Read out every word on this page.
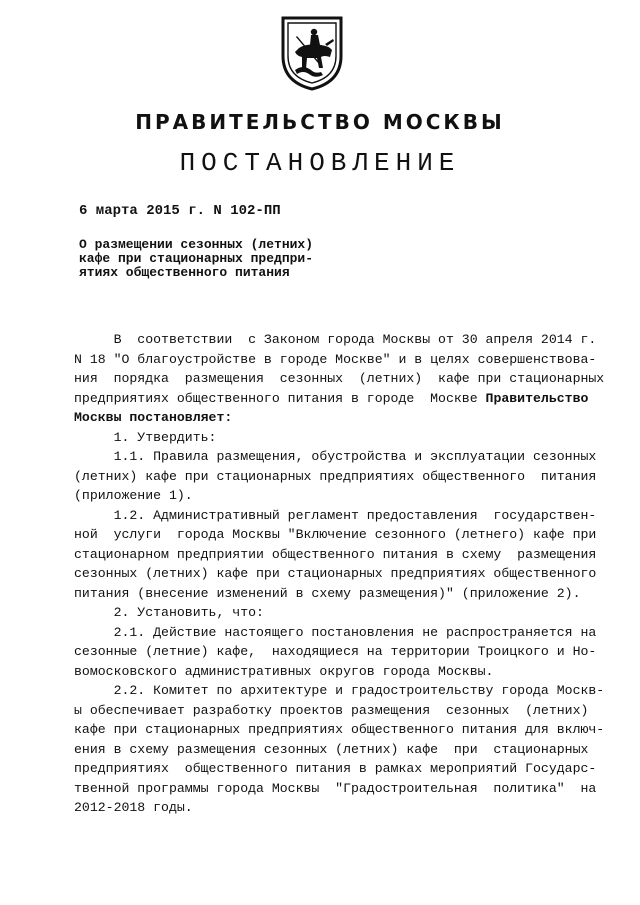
ПРАВИТЕЛЬСТВО МОСКВЫ
ПОСТАНОВЛЕНИЕ
6 марта 2015 г. N 102-ПП
О размещении сезонных (летних)
кафе при стационарных предпри-
ятиях общественного питания
В  соответствии  с Законом города Москвы от 30 апреля 2014 г.
N 18 "О благоустройстве в городе Москве" и в целях совершенствова-
ния  порядка  размещения  сезонных  (летних)  кафе при стационарных
предприятиях общественного питания в городе  Москве Правительство
Москвы постановляет:
1. Утвердить:
1.1. Правила размещения, обустройства и эксплуатации сезонных
(летних) кафе при стационарных предприятиях общественного  питания
(приложение 1).
1.2. Административный регламент предоставления  государствен-
ной  услуги  города Москвы "Включение сезонного (летнего) кафе при
стационарном предприятии общественного питания в схему  размещения
сезонных (летних) кафе при стационарных предприятиях общественного
питания (внесение изменений в схему размещения)" (приложение 2).
2. Установить, что:
2.1. Действие настоящего постановления не распространяется на
сезонные (летние) кафе,  находящиеся на территории Троицкого и Но-
вомосковского административных округов города Москвы.
2.2. Комитет по архитектуре и градостроительству города Москв-
ы обеспечивает разработку проектов размещения  сезонных  (летних)
кафе при стационарных предприятиях общественного питания для включ-
ения в схему размещения сезонных (летних) кафе  при  стационарных
предприятиях  общественного питания в рамках мероприятий Государс-
твенной программы города Москвы  "Градостроительная  политика"  на
2012-2018 годы.
